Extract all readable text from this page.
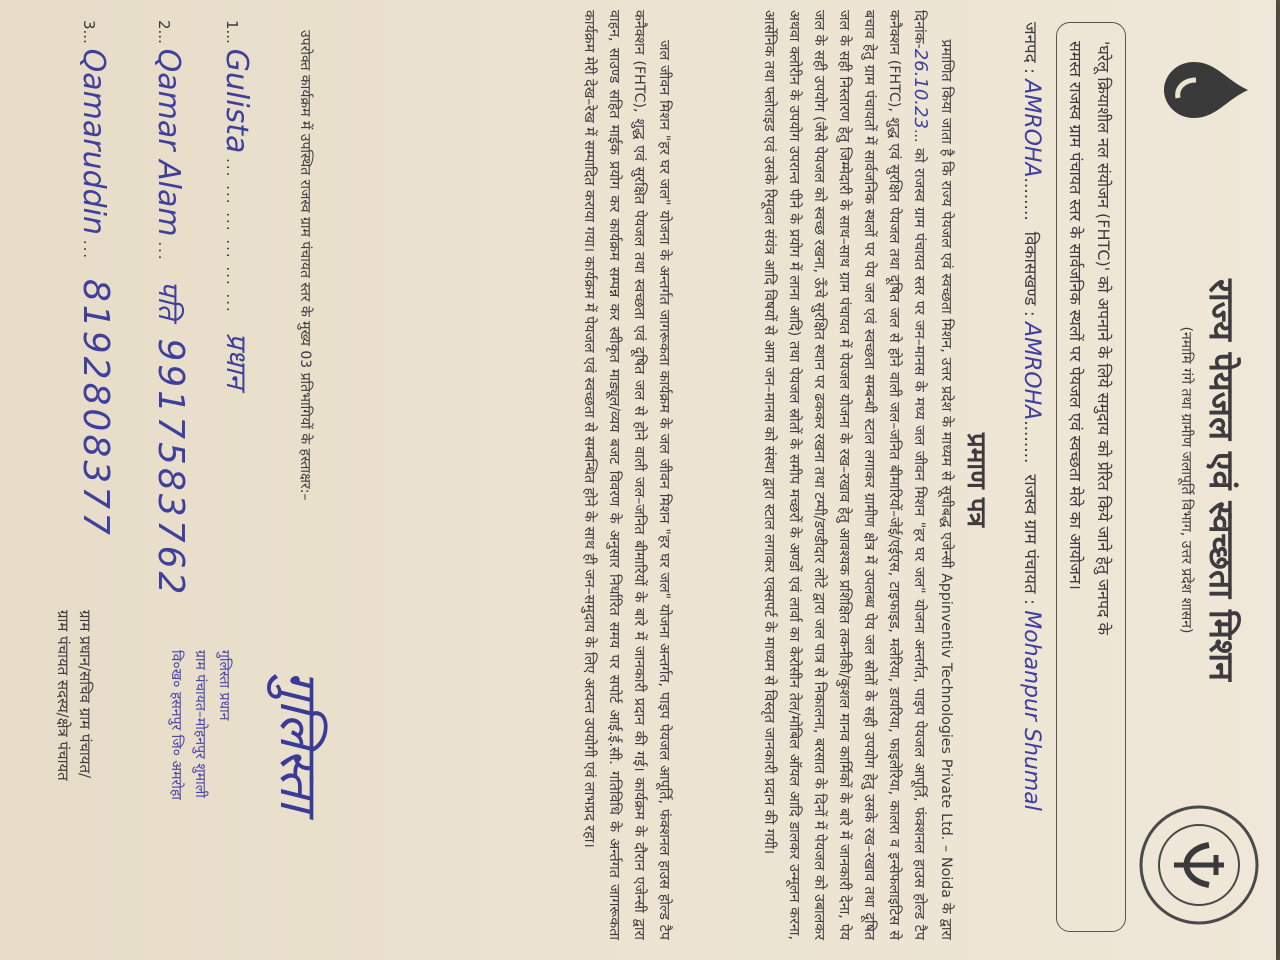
राज्य पेयजल एवं स्वच्छता मिशन
(नमामि गंगे तथा ग्रामीण जलापूर्ति विभाग, उत्तर प्रदेश शासन)
'घरेलू क्रियाशील नल संयोजन (FHTC)' को अपनाने के लिये समुदाय को प्रेरित किये जाने हेतु जनपद के
समस्त राजस्व ग्राम पंचायत स्तर के सार्वजनिक स्थलों पर पेयजल एवं स्वच्छता मेले का आयोजन।
जनपद : AMROHA........  विकासखण्ड : AMROHA........  राजस्व ग्राम पंचायत : Mohanpur Shumal
प्रमाण पत्र
प्रमाणित किया जाता है कि राज्य पेयजल एवं स्वच्छता मिशन, उत्तर प्रदेश के माध्यम से सूचीबद्ध एजेन्सी Appinventiv Technologies Private Ltd. – Noida के द्वारा दिनांक-26.10.23... को राजस्व ग्राम पंचायत स्तर पर जन–मानस के मध्य जल जीवन मिशन "हर घर जल" योजना अन्तर्गत, पाइप पेयजल आपूर्ति, फंक्शनल हाउस होल्ड टैप कनैक्शन (FHTC), शुद्ध एवं सुरक्षित पेयजल तथा दूषित जल से होने वाली जल–जनित बीमारियों–जेई/एईएस, टाइफाइड, मलेरिया, डायरिया, फाइलेरिया, कालरा व इन्सेफलाइटिस से बचाव हेतु ग्राम पंचायतों में सार्वजनिक स्थलों पर पेय जल एवं स्वच्छता सम्बन्धी स्टाल लगाकर ग्रामीण क्षेत्र में उपलब्ध पेय जल स्रोतों के सही उपयोग हेतु उसके रख–रखाव तथा दूषित जल के सही निस्तारण हेतु जिम्मेदारी के साथ–साथ ग्राम पंचायत में पेयजल योजना के रख–रखाव हेतु आवश्यक प्रशिक्षित तकनीकी/कुशल मानव कार्मिकों के बारे में जानकारी देना, पेय जल के सही उपयोग (जैसे पेयजल को स्वच्छ रखना, ऊँचे सुरक्षित स्थान पर ढककर रखना तथा टम्पी/डण्डीदार लोटे द्वारा जल पात्र से निकालना, बरसात के दिनों में पेयजल को उबालकर अथवा क्लोरीन के उपयोग उपरान्त पीने के प्रयोग में लाना आदि) तथा पेयजल स्रोतों के समीप मच्छरों के अण्डों एवं लार्वा का केरोसीन तेल/मोबिल ऑयल आदि डालकर उन्मूलन करना, आर्सेनिक तथा फ्लोराइड एवं उसके रिमूवल संयंत्र आदि विषयों से आम जन–मानस को संस्था द्वारा स्टाल लगाकर एक्सपर्ट के माध्यम से विस्तृत जानकारी प्रदान की गयी।
जल जीवन मिशन "हर घर जल" योजना के अन्तर्गत जागरूकता कार्यक्रम के जल जीवन मिशन "हर घर जल" योजना अन्तर्गत, पाइप पेयजल आपूर्ति, फंक्शनल हाउस होल्ड टैप कनैक्शन (FHTC), शुद्ध एवं सुरक्षित पेयजल तथा स्वच्छता एवं दूषित जल से होने वाली जल–जनित बीमारियों के बारे में जानकारी प्रदान की गई। कार्यक्रम के दौरान एजेन्सी द्वारा वाहन, साउण्ड सहित माईक प्रयोग कर कार्यक्रम सम्पन्न कर स्वीकृत माड्यूल/व्यय बजट विवरण के अनुसार निर्धारित समय पर सपोर्ट आई.ई.सी. गतिविधि के अर्न्तगत जागरूकता कार्यक्रम मेरी देख–रेख में सम्पादित कराया गया। कार्यक्रम में पेयजल एवं स्वच्छता से सम्बन्धित होने के साथ ही जन–समुदाय के लिए अत्यन्त उपयोगी एवं लाभप्रद रहा।
गुलिस्ता
गुलिस्ता प्रधान
ग्राम पंचायत–मोहनपुर शुमाली
वि०ख० हसनपुर जि० अमरोहा
उपरोक्त कार्यक्रम में उपस्थित राजस्व ग्राम पंचायत स्तर के मुख्य 03 प्रतिभागियों के हस्ताक्षर:–
1... Gulista ... ... ... ... ... ... प्रधान
2... Qamar Alam ... पति 9917583762
3... Qamaruddin ... 8192808377
ग्राम प्रधान/सचिव ग्राम पंचायत/
ग्राम पंचायत सदस्य/क्षेत्र पंचायत
